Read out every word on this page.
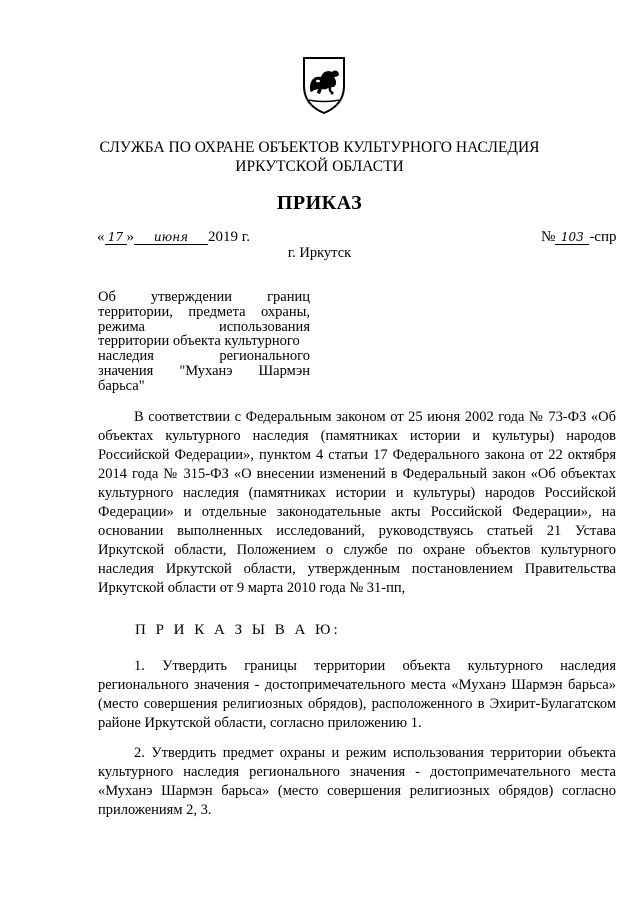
СЛУЖБА ПО ОХРАНЕ ОБЪЕКТОВ КУЛЬТУРНОГО НАСЛЕДИЯ
ИРКУТСКОЙ ОБЛАСТИ
ПРИКАЗ
« 17 » июня 2019 г.	№ 103 -спр
г. Иркутск
Об утверждении границ
территории, предмета охраны,
режима	использования
территории объекта культурного
наследия	регионального
значения "Муханэ Шармэн
барьса"
В соответствии с Федеральным законом от 25 июня 2002 года № 73-ФЗ «Об объектах культурного наследия (памятниках истории и культуры) народов Российской Федерации», пунктом 4 статьи 17 Федерального закона от 22 октября 2014 года № 315-ФЗ «О внесении изменений в Федеральный закон «Об объектах культурного наследия (памятниках истории и культуры) народов Российской Федерации» и отдельные законодательные акты Российской Федерации», на основании выполненных исследований, руководствуясь статьей 21 Устава Иркутской области, Положением о службе по охране объектов культурного наследия Иркутской области, утвержденным постановлением Правительства Иркутской области от 9 марта 2010 года № 31-пп,
П Р И К А З Ы В А Ю:
1. Утвердить границы территории объекта культурного наследия регионального значения - достопримечательного места «Муханэ Шармэн барьса» (место совершения религиозных обрядов), расположенного в Эхирит-Булагатском районе Иркутской области, согласно приложению 1.
2. Утвердить предмет охраны и режим использования территории объекта культурного наследия регионального значения - достопримечательного места «Муханэ Шармэн барьса» (место совершения религиозных обрядов) согласно приложениям 2, 3.
